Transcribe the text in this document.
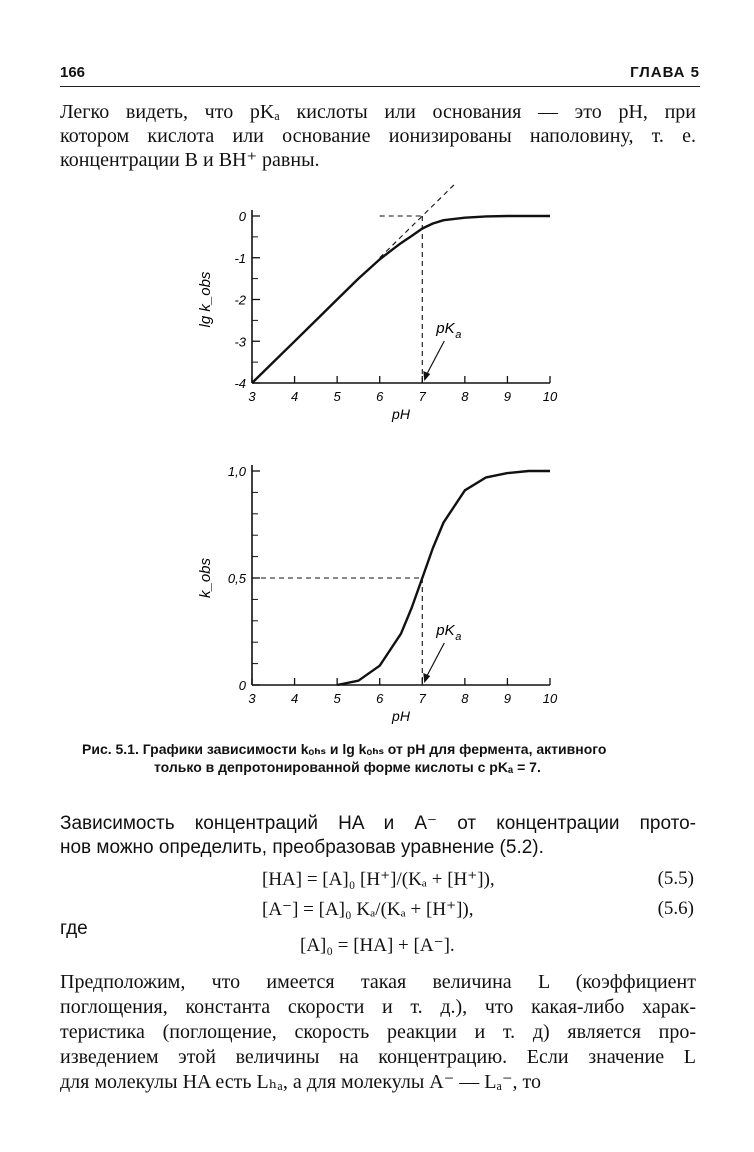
166	ГЛАВА 5

Легко видеть, что pKₐ кислоты или основания — это pH, при
котором кислота или основание ионизированы наполовину, т. е.
концентрации B и BH⁺ равны.

3	4	5	6	7	8	9 10
0
-1
-2
-3
-4
pH
lg k_obs
pK a
3	4	5	6	7	8	9 10
0
0,5
1,0
pH
k_obs
pK a
Рис. 5.1. Графики зависимости kₒₕₛ и lg kₒₕₛ от pH для фермента, активного
только в депротонированной форме кислоты с pKₐ = 7.

Зависимость концентраций HA и A⁻ от концентрации прото-
нов можно определить, преобразовав уравнение (5.2).

[HA] = [A]₀ [H⁺]/(Kₐ + [H⁺]),	(5.5)
[A⁻] = [A]₀ Kₐ/(Kₐ + [H⁺]),	(5.6)
где
[A]₀ = [HA] + [A⁻].

Предположим, что имеется такая величина L (коэффициент
поглощения, константа скорости и т. д.), что какая-либо харак-
теристика (поглощение, скорость реакции и т. д) является про-
изведением этой величины на концентрацию. Если значение L
для молекулы HA есть Lₕₐ, а для молекулы A⁻ — Lₐ⁻, то
